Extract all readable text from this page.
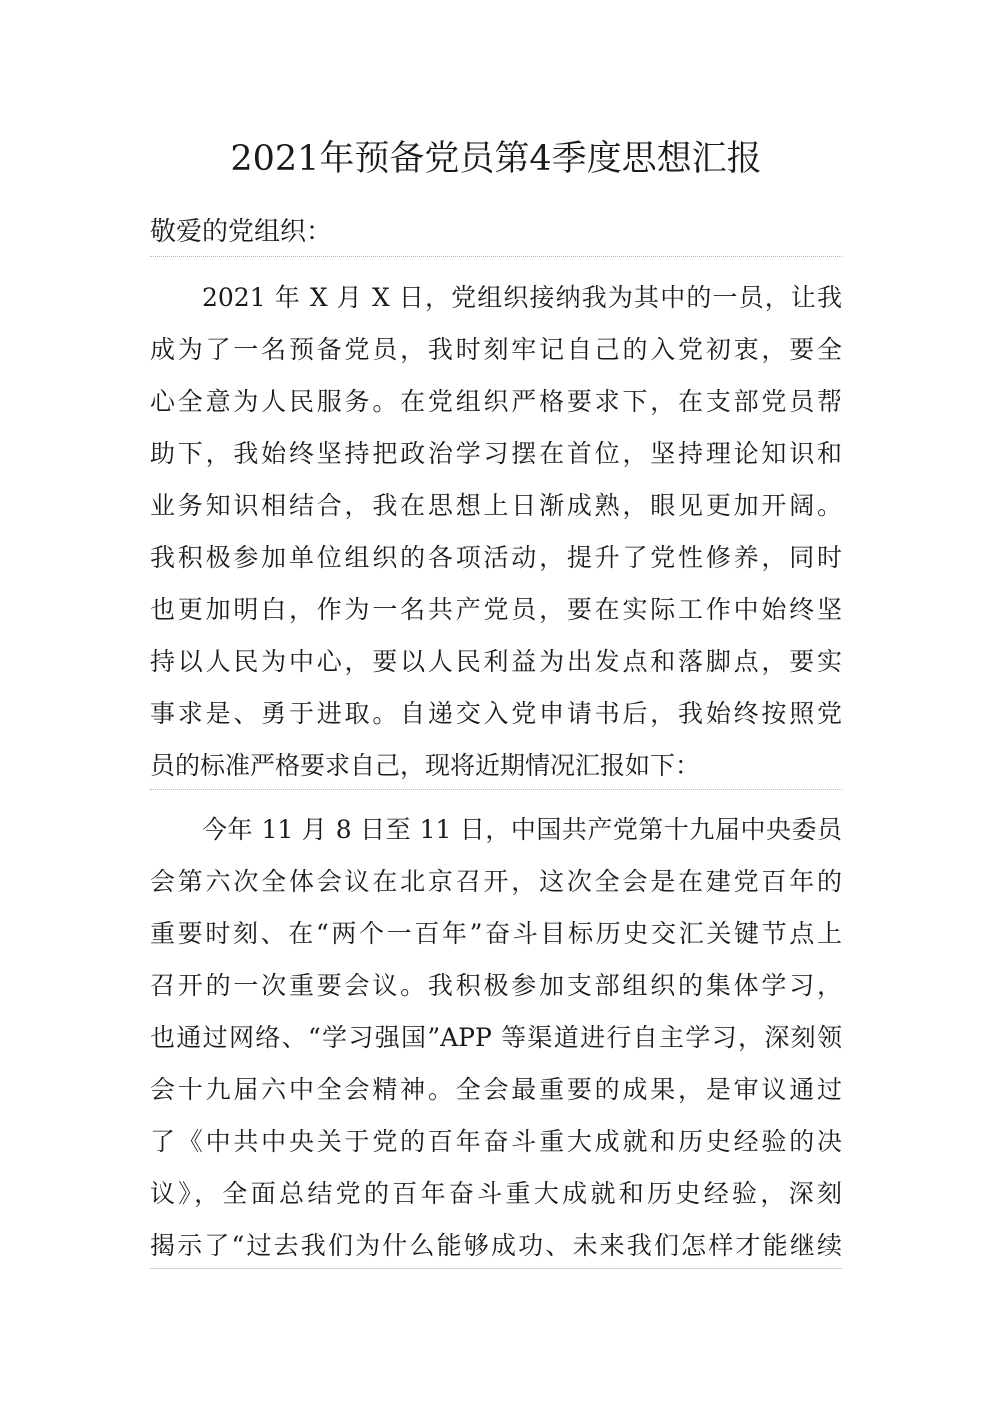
2021年预备党员第4季度思想汇报
敬爱的党组织：
2021 年 X 月 X 日，党组织接纳我为其中的一员，让我
成为了一名预备党员，我时刻牢记自己的入党初衷，要全
心全意为人民服务。在党组织严格要求下，在支部党员帮
助下，我始终坚持把政治学习摆在首位，坚持理论知识和
业务知识相结合，我在思想上日渐成熟，眼见更加开阔。
我积极参加单位组织的各项活动，提升了党性修养，同时
也更加明白，作为一名共产党员，要在实际工作中始终坚
持以人民为中心，要以人民利益为出发点和落脚点，要实
事求是、勇于进取。自递交入党申请书后，我始终按照党
员的标准严格要求自己，现将近期情况汇报如下：
今年 11 月 8 日至 11 日，中国共产党第十九届中央委员
会第六次全体会议在北京召开，这次全会是在建党百年的
重要时刻、在“两个一百年”奋斗目标历史交汇关键节点上
召开的一次重要会议。我积极参加支部组织的集体学习，
也通过网络、“学习强国”APP 等渠道进行自主学习，深刻领
会十九届六中全会精神。全会最重要的成果，是审议通过
了《中共中央关于党的百年奋斗重大成就和历史经验的决
议》，全面总结党的百年奋斗重大成就和历史经验，深刻
揭示了“过去我们为什么能够成功、未来我们怎样才能继续
